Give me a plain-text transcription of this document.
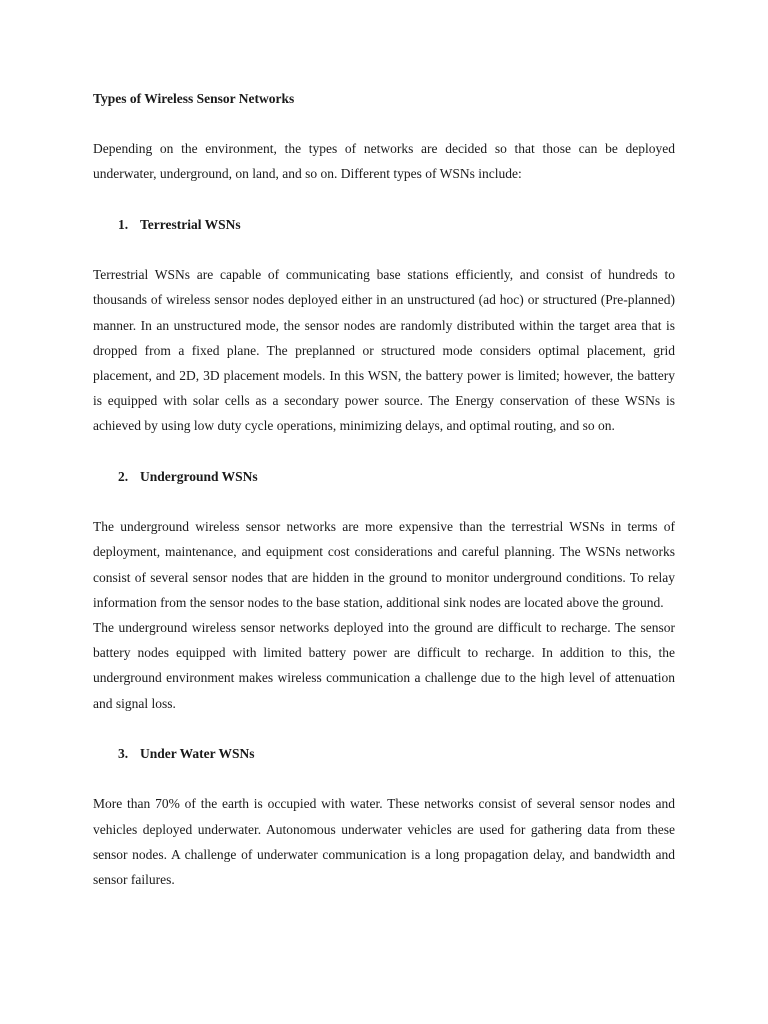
Types of Wireless Sensor Networks

Depending on the environment, the types of networks are decided so that those can be deployed underwater, underground, on land, and so on. Different types of WSNs include:

1. Terrestrial WSNs

Terrestrial WSNs are capable of communicating base stations efficiently, and consist of hundreds to thousands of wireless sensor nodes deployed either in an unstructured (ad hoc) or structured (Pre-planned) manner. In an unstructured mode, the sensor nodes are randomly distributed within the target area that is dropped from a fixed plane. The preplanned or structured mode considers optimal placement, grid placement, and 2D, 3D placement models. In this WSN, the battery power is limited; however, the battery is equipped with solar cells as a secondary power source. The Energy conservation of these WSNs is achieved by using low duty cycle operations, minimizing delays, and optimal routing, and so on.

2. Underground WSNs

The underground wireless sensor networks are more expensive than the terrestrial WSNs in terms of deployment, maintenance, and equipment cost considerations and careful planning. The WSNs networks consist of several sensor nodes that are hidden in the ground to monitor underground conditions. To relay information from the sensor nodes to the base station, additional sink nodes are located above the ground.

The underground wireless sensor networks deployed into the ground are difficult to recharge. The sensor battery nodes equipped with limited battery power are difficult to recharge. In addition to this, the underground environment makes wireless communication a challenge due to the high level of attenuation and signal loss.

3. Under Water WSNs

More than 70% of the earth is occupied with water. These networks consist of several sensor nodes and vehicles deployed underwater. Autonomous underwater vehicles are used for gathering data from these sensor nodes. A challenge of underwater communication is a long propagation delay, and bandwidth and sensor failures.
